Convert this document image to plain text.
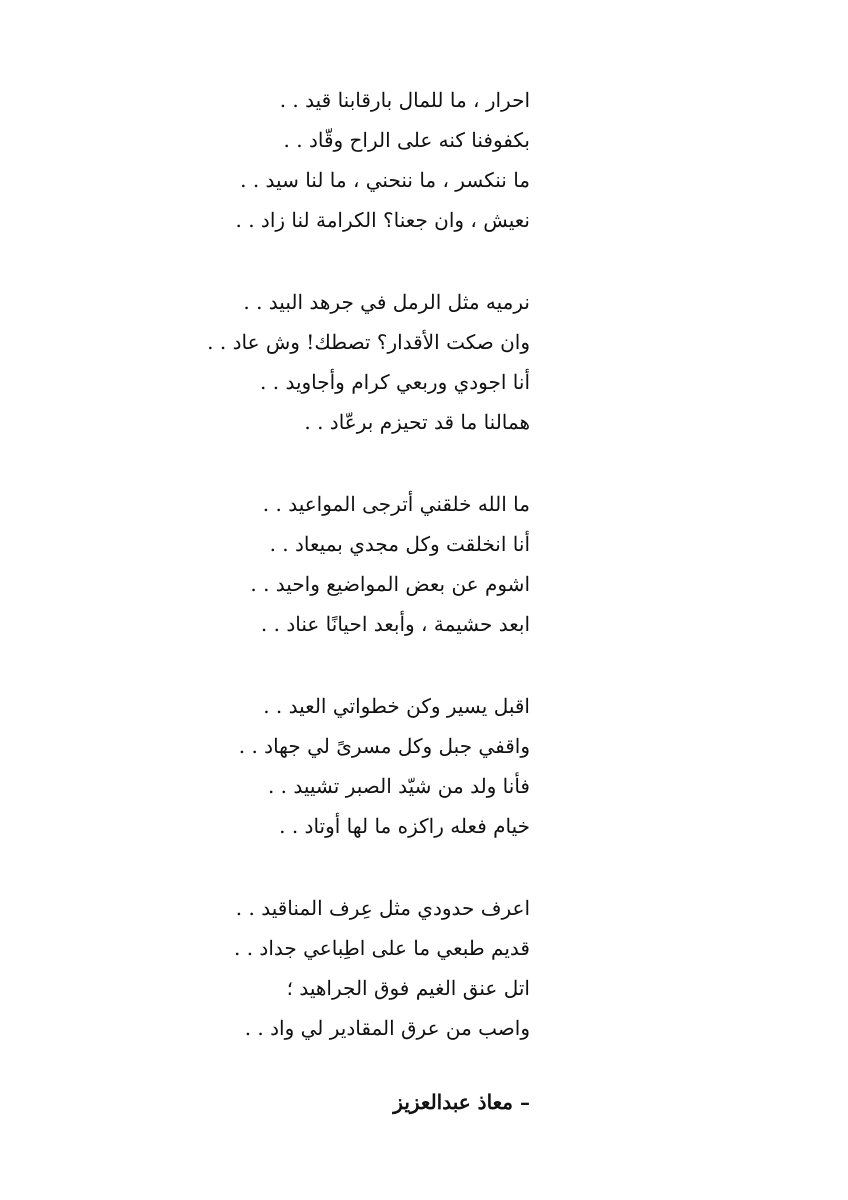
احرار ، ما للمال بارقابنا قيد . .
بكفوفنا كنه على الراح وقّاد . .
ما ننكسر ، ما ننحني ، ما لنا سيد . .
نعيش ، وان جعنا؟ الكرامة لنا زاد . .
نرميه مثل الرمل في جرهد البيد . .
وان صكت الأقدار؟ تصطك! وش عاد . .
أنا اجودي وربعي كرام وأجاويد . .
همالنا ما قد تحيزم برعّاد . .
ما الله خلقني أترجى المواعيد . .
أنا انخلقت وكل مجدي بميعاد . .
اشوم عن بعض المواضيع واحيد . .
ابعد حشيمة ، وأبعد احيانًا عناد . .
اقبل يسير وكن خطواتي العيد . .
واقفي جبل وكل مسرىً لي جهاد . .
فأنا ولد من شيّد الصبر تشييد . .
خيام فعله راكزه ما لها أوتاد . .
اعرف حدودي مثل عِرف المناقيد . .
قديم طبعي ما على اطِباعي جداد . .
اتل عنق الغيم فوق الجراهيد ؛
واصب من عرق المقادير لي واد . .
– معاذ عبدالعزيز
